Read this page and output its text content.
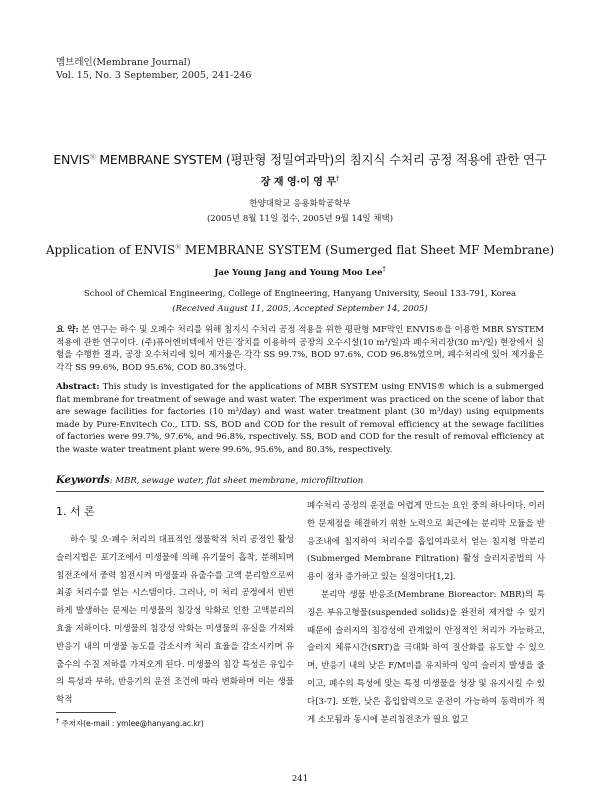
멤브레인(Membrane Journal)
Vol. 15, No. 3 September, 2005, 241-246
ENVISⓇ MEMBRANE SYSTEM (평판형 정밀여과막)의 침지식 수처리 공정 적용에 관한 연구
장 재 영·이 영 무†
한양대학교 응용화학공학부
(2005년 8월 11일 접수, 2005년 9월 14일 채택)
Application of ENVISⓇ MEMBRANE SYSTEM (Sumerged flat Sheet MF Membrane)
Jae Young Jang and Young Moo Lee†
School of Chemical Engineering, College of Engineering, Hanyang University, Seoul 133-791, Korea
(Received August 11, 2005, Accepted September 14, 2005)
요 약: 본 연구는 하수 및 오폐수 처리를 위해 침지식 수처리 공정 적용을 위한 평판형 MF막인 ENVIS®을 이용한 MBR SYSTEM 적용에 관한 연구이다. (주)퓨어엔비텍에서 만든 장치를 이용하여 공장의 오수시설(10 m³/일)과 폐수처리장(30 m³/일) 현장에서 실험을 수행한 결과, 공장 오수처리에 있어 제거율은 각각 SS 99.7%, BOD 97.6%, COD 96.8%였으며, 폐수처리에 있어 제거율은 각각 SS 99.6%, BOD 95.6%, COD 80.3%였다.
Abstract: This study is investigated for the applications of MBR SYSTEM using ENVIS® which is a submerged flat membrane for treatment of sewage and wast water. The experiment was practiced on the scene of labor that are sewage facilities for factories (10 m³/day) and wast water treatment plant (30 m³/day) using equipments made by Pure-Envitech Co., LTD. SS, BOD and COD for the result of removal efficiency at the sewage facilities of factories were 99.7%, 97.6%, and 96.8%, rspectively. SS, BOD and COD for the result of removal efficiency at the waste water treatment plant were 99.6%, 95.6%, and 80.3%, respectively.
Keywords: MBR, sewage water, flat sheet membrane, microfiltration
1. 서 론

하수 및 오·폐수 처리의 대표적인 생물학적 처리 공정인 활성슬러지법은 포기조에서 미생물에 의해 유기물이 흡착, 분해되며 침전조에서 중력 침전시켜 미생물과 유출수를 고액 분리함으로써 최종 처리수를 얻는 시스템이다. 그러나, 이 처리 공정에서 빈번하게 발생하는 문제는 미생물의 침강성 악화로 인한 고액분리의 효율 저하이다. 미생물의 침강성 악화는 미생물의 유실을 가져와 반응기 내의 미생물 농도를 감소시켜 처리 효율을 감소시키며 유출수의 수질 저하를 가져오게 된다. 미생물의 침강 특성은 유입수의 특성과 부하, 반응기의 운전 조건에 따라 변화하며 이는 생물학적

폐수처리 공정의 운전을 어렵게 만드는 요인 중의 하나이다. 이러한 문제점을 해결하기 위한 노력으로 최근에는 분리막 모듈을 반응조내에 침지하여 처리수를 흡입여과로서 얻는 침지형 막분리(Submerged Membrane Filtration) 활성 슬러지공법의 사용이 점차 증가하고 있는 실정이다[1,2].

분리막 생물 반응조(Membrane Bioreactor: MBR)의 특징은 부유고형물(suspended solids)을 완전히 제거할 수 있기 때문에 슬러지의 침강성에 관계없이 안정적인 처리가 가능하고, 슬러지 체류시간(SRT)을 극대화 하여 질산화를 유도할 수 있으며, 반응기 내의 낮은 F/M비를 유지하여 잉여 슬러지 발생을 줄이고, 폐수의 특성에 맞는 특정 미생물을 성장 및 유지시킬 수 있다[3-7]. 또한, 낮은 흡입압력으로 운전이 가능하여 동력비가 적게 소모됨과 동시에 분리침전조가 필요 없고

† 주저자(e-mail : ymlee@hanyang.ac.kr)
241
